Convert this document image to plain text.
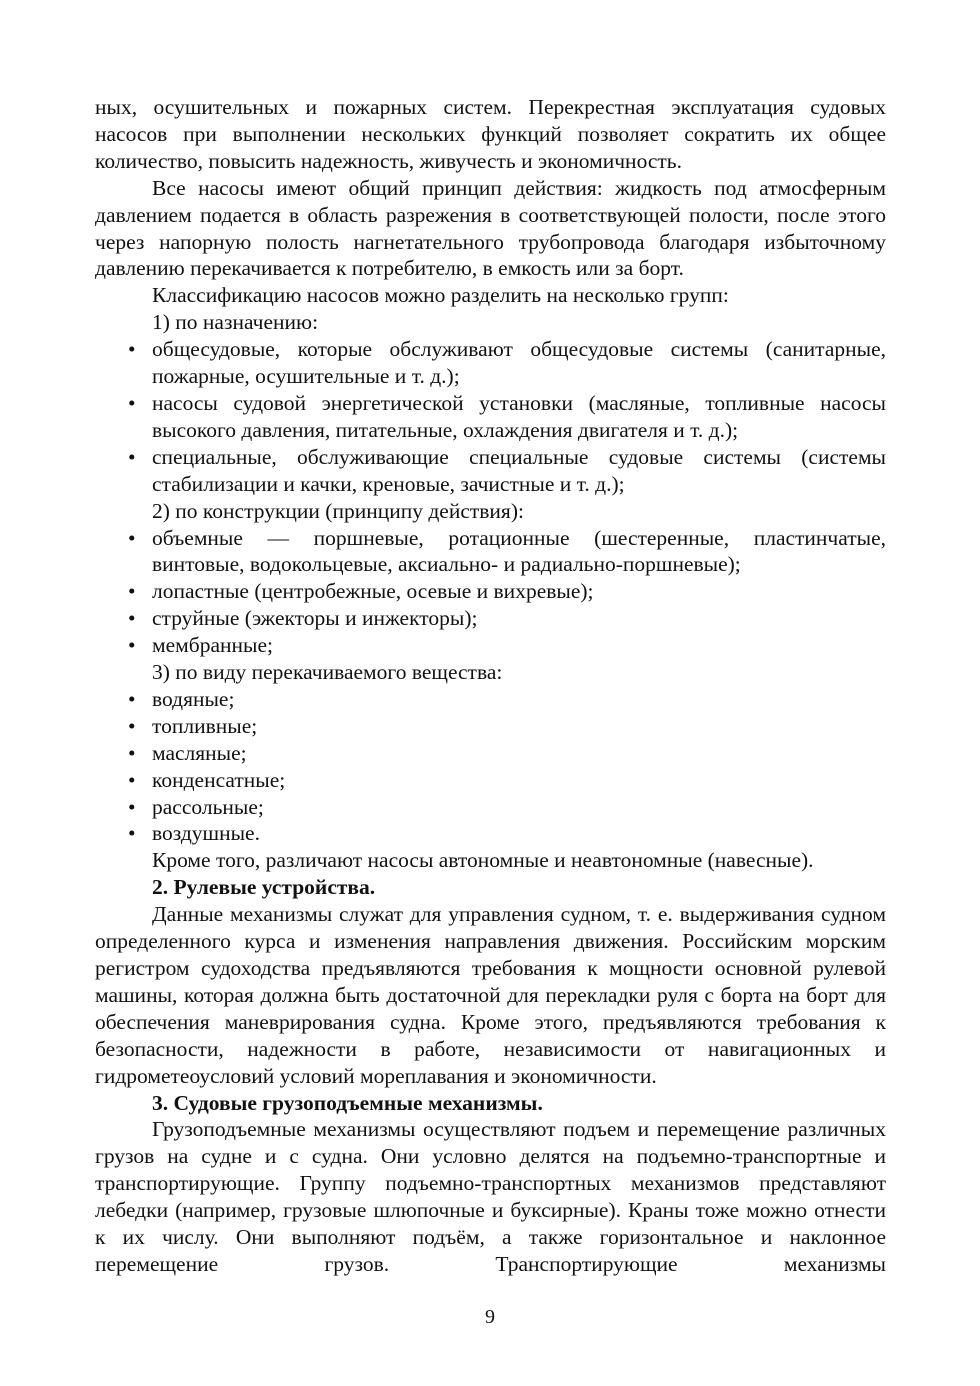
ных, осушительных и пожарных систем. Перекрестная эксплуатация судовых насосов при выполнении нескольких функций позволяет сократить их общее количество, повысить надежность, живучесть и экономичность.

Все насосы имеют общий принцип действия: жидкость под атмосферным давлением подается в область разрежения в соответствующей полости, после этого через напорную полость нагнетательного трубопровода благодаря избыточному давлению перекачивается к потребителю, в емкость или за борт.

Классификацию насосов можно разделить на несколько групп:

1) по назначению:

• общесудовые, которые обслуживают общесудовые системы (санитарные, пожарные, осушительные и т. д.);
• насосы судовой энергетической установки (масляные, топливные насосы высокого давления, питательные, охлаждения двигателя и т. д.);
• специальные, обслуживающие специальные судовые системы (системы стабилизации и качки, креновые, зачистные и т. д.);

2) по конструкции (принципу действия):

• объемные — поршневые, ротационные (шестеренные, пластинчатые, винтовые, водокольцевые, аксиально- и радиально-поршневые);
• лопастные (центробежные, осевые и вихревые);
• струйные (эжекторы и инжекторы);
• мембранные;

3) по виду перекачиваемого вещества:

• водяные;
• топливные;
• масляные;
• конденсатные;
• рассольные;
• воздушные.

Кроме того, различают насосы автономные и неавтономные (навесные).

2. Рулевые устройства.

Данные механизмы служат для управления судном, т. е. выдерживания судном определенного курса и изменения направления движения. Российским морским регистром судоходства предъявляются требования к мощности основной рулевой машины, которая должна быть достаточной для перекладки руля с борта на борт для обеспечения маневрирования судна. Кроме этого, предъявляются требования к безопасности, надежности в работе, независимости от навигационных и гидрометеоусловий условий мореплавания и экономичности.

3. Судовые грузоподъемные механизмы.

Грузоподъемные механизмы осуществляют подъем и перемещение различных грузов на судне и с судна. Они условно делятся на подъемно-транспортные и транспортирующие. Группу подъемно-транспортных механизмов представляют лебедки (например, грузовые шлюпочные и буксирные). Краны тоже можно отнести к их числу. Они выполняют подъём, а также горизонтальное и наклонное перемещение грузов. Транспортирующие механизмы

9
